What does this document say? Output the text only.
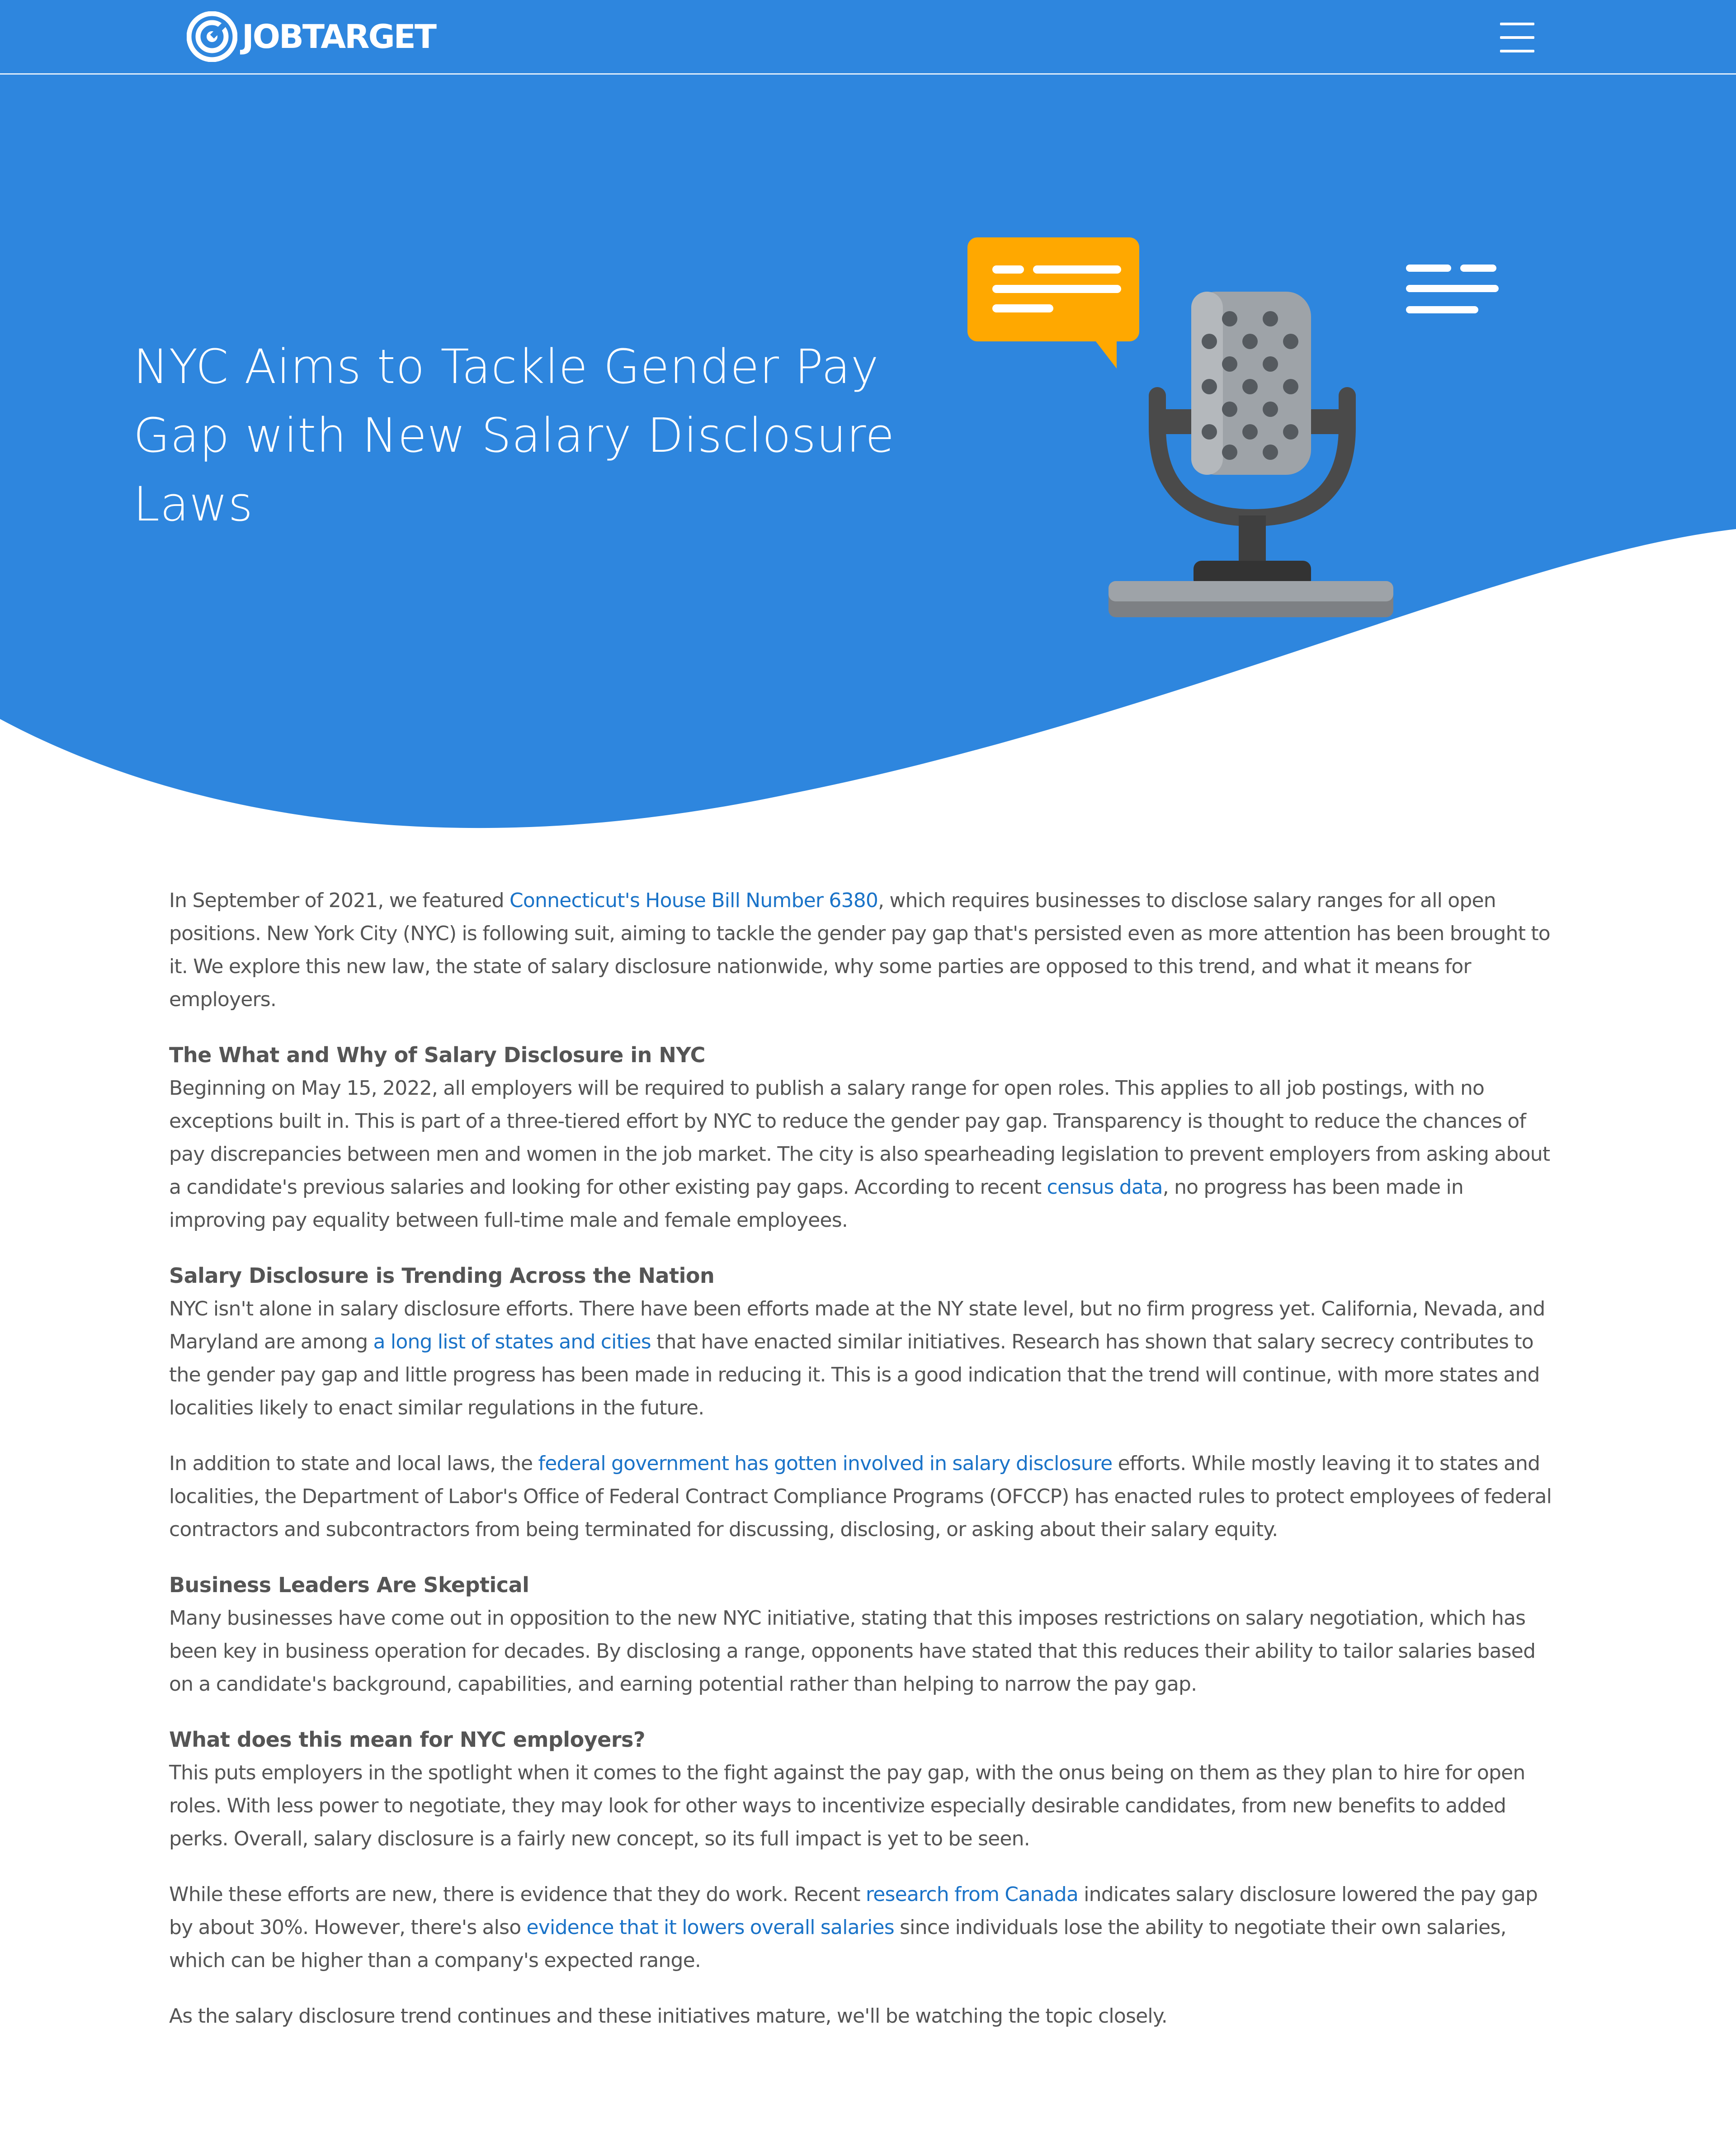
JOBTARGET
NYC Aims to Tackle Gender Pay Gap with New Salary Disclosure Laws

In September of 2021, we featured Connecticut's House Bill Number 6380, which requires businesses to disclose salary ranges for all open positions. New York City (NYC) is following suit, aiming to tackle the gender pay gap that's persisted even as more attention has been brought to it. We explore this new law, the state of salary disclosure nationwide, why some parties are opposed to this trend, and what it means for employers.

The What and Why of Salary Disclosure in NYC

Beginning on May 15, 2022, all employers will be required to publish a salary range for open roles. This applies to all job postings, with no exceptions built in. This is part of a three-tiered effort by NYC to reduce the gender pay gap. Transparency is thought to reduce the chances of pay discrepancies between men and women in the job market. The city is also spearheading legislation to prevent employers from asking about a candidate's previous salaries and looking for other existing pay gaps. According to recent census data, no progress has been made in improving pay equality between full-time male and female employees.

Salary Disclosure is Trending Across the Nation

NYC isn't alone in salary disclosure efforts. There have been efforts made at the NY state level, but no firm progress yet. California, Nevada, and Maryland are among a long list of states and cities that have enacted similar initiatives. Research has shown that salary secrecy contributes to the gender pay gap and little progress has been made in reducing it. This is a good indication that the trend will continue, with more states and localities likely to enact similar regulations in the future.

In addition to state and local laws, the federal government has gotten involved in salary disclosure efforts. While mostly leaving it to states and localities, the Department of Labor's Office of Federal Contract Compliance Programs (OFCCP) has enacted rules to protect employees of federal contractors and subcontractors from being terminated for discussing, disclosing, or asking about their salary equity.

Business Leaders Are Skeptical

Many businesses have come out in opposition to the new NYC initiative, stating that this imposes restrictions on salary negotiation, which has been key in business operation for decades. By disclosing a range, opponents have stated that this reduces their ability to tailor salaries based on a candidate's background, capabilities, and earning potential rather than helping to narrow the pay gap.

What does this mean for NYC employers?

This puts employers in the spotlight when it comes to the fight against the pay gap, with the onus being on them as they plan to hire for open roles. With less power to negotiate, they may look for other ways to incentivize especially desirable candidates, from new benefits to added perks. Overall, salary disclosure is a fairly new concept, so its full impact is yet to be seen.

While these efforts are new, there is evidence that they do work. Recent research from Canada indicates salary disclosure lowered the pay gap by about 30%. However, there's also evidence that it lowers overall salaries since individuals lose the ability to negotiate their own salaries, which can be higher than a company's expected range.

As the salary disclosure trend continues and these initiatives mature, we'll be watching the topic closely.
